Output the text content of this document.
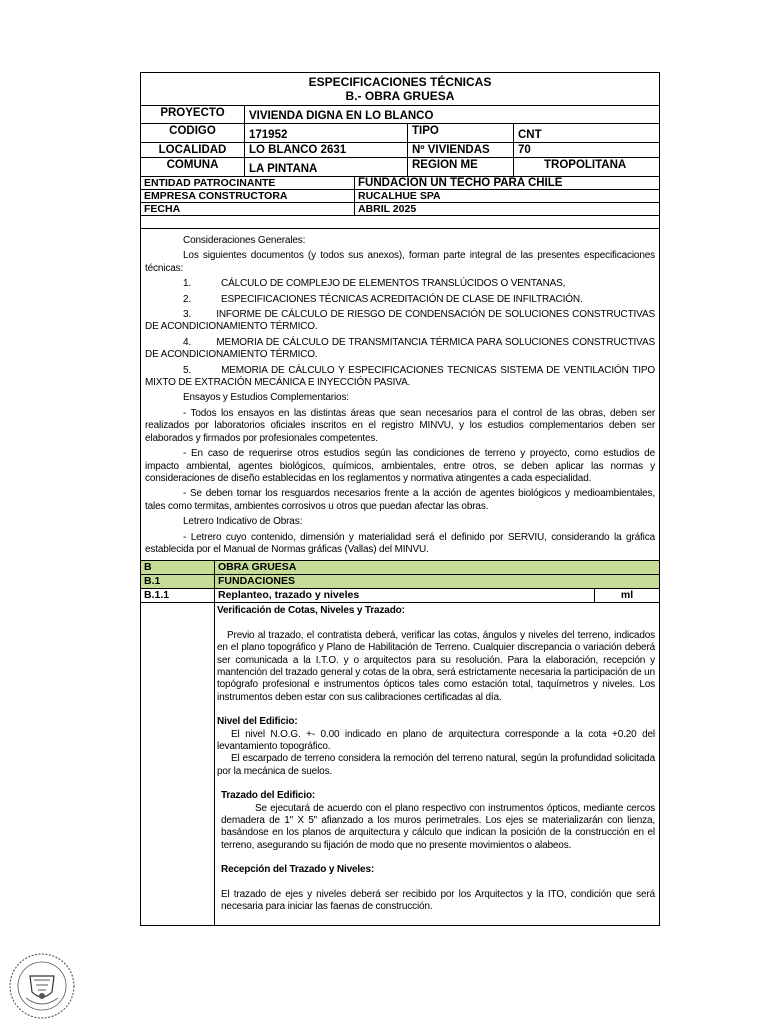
ESPECIFICACIONES TÉCNICAS
B.- OBRA GRUESA
PROYECTO	VIVIENDA DIGNA EN LO BLANCO
CODIGO	171952	TIPO	CNT
LOCALIDAD	LO BLANCO 2631	Nº VIVIENDAS	70
COMUNA	LA PINTANA	REGION ME	TROPOLITANA
ENTIDAD PATROCINANTE	FUNDACION UN TECHO PARA CHILE
EMPRESA CONSTRUCTORA	RUCALHUE SPA
FECHA	ABRIL 2025

Consideraciones Generales:

Los siguientes documentos (y todos sus anexos), forman parte integral de las presentes especificaciones técnicas:

1.	CÁLCULO DE COMPLEJO DE ELEMENTOS TRANSLÚCIDOS O VENTANAS,
2.	ESPECIFICACIONES TÉCNICAS ACREDITACIÓN DE CLASE DE INFILTRACIÓN.

3.	INFORME DE CÁLCULO DE RIESGO DE CONDENSACIÓN DE SOLUCIONES CONSTRUCTIVAS DE ACONDICIONAMIENTO TÉRMICO.

4.	MEMORIA DE CÁLCULO DE TRANSMITANCIA TÉRMICA PARA SOLUCIONES CONSTRUCTIVAS DE ACONDICIONAMIENTO TÉRMICO.

5.	MEMORIA DE CÁLCULO Y ESPECIFICACIONES TECNICAS SISTEMA DE VENTILACIÓN TIPO MIXTO DE EXTRACIÓN MECÁNICA E INYECCIÓN PASIVA.

Ensayos y Estudios Complementarios:

- Todos los ensayos en las distintas áreas que sean necesarios para el control de las obras, deben ser realizados por laboratorios oficiales inscritos en el registro MINVU, y los estudios complementarios deben ser elaborados y firmados por profesionales competentes.

- En caso de requerirse otros estudios según las condiciones de terreno y proyecto, como estudios de impacto ambiental, agentes biológicos, químicos, ambientales, entre otros, se deben aplicar las normas y consideraciones de diseño establecidas en los reglamentos y normativa atingentes a cada especialidad.

- Se deben tomar los resguardos necesarios frente a la acción de agentes biológicos y medioambientales, tales como termitas, ambientes corrosivos u otros que puedan afectar las obras.

Letrero Indicativo de Obras:

- Letrero cuyo contenido, dimensión y materialidad será el definido por SERVIU, considerando la gráfica establecida por el Manual de Normas gráficas (Vallas) del MINVU.

B	OBRA GRUESA
B.1	FUNDACIONES
B.1.1	Replanteo, trazado y niveles	ml
Verificación de Cotas, Niveles y Trazado:

Previo al trazado, el contratista deberá, verificar las cotas, ángulos y niveles del terreno, indicados en el plano topográfico y Plano de Habilitación de Terreno. Cualquier discrepancia o variación deberá ser comunicada a la I.T.O. y o arquitectos para su resolución. Para la elaboración, recepción y mantención del trazado general y cotas de la obra, será estrictamente necesaria la participación de un topógrafo profesional e instrumentos ópticos tales como estación total, taquímetros y niveles. Los instrumentos deben estar con sus calibraciones certificadas al día.

Nivel del Edificio:

El nivel N.O.G. +- 0.00 indicado en plano de arquitectura corresponde a la cota +0.20 del levantamiento topográfico.

El escarpado de terreno considera la remoción del terreno natural, según la profundidad solicitada por la mecánica de suelos.

Trazado del Edificio:

Se ejecutará de acuerdo con el plano respectivo con instrumentos ópticos, mediante cercos demadera de 1" X 5" afianzado a los muros perimetrales. Los ejes se materializarán con lienza, basándose en los planos de arquitectura y cálculo que indican la posición de la construcción en el terreno, asegurando su fijación de modo que no presente movimientos o alabeos.

Recepción del Trazado y Niveles:

El trazado de ejes y niveles deberá ser recibido por los Arquitectos y la ITO, condición que será necesaria para iniciar las faenas de construcción.
